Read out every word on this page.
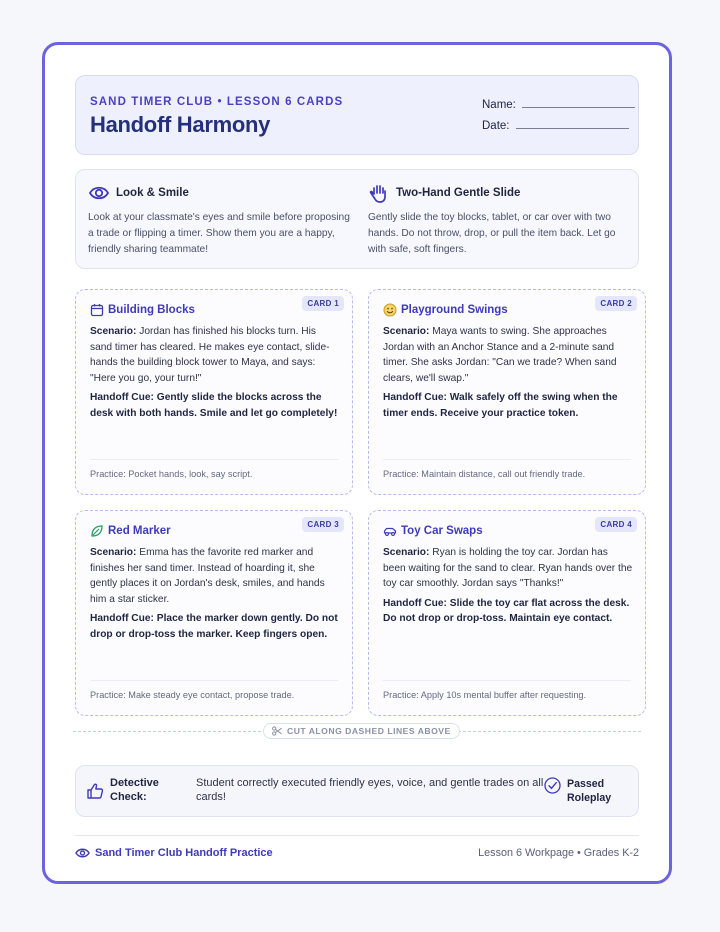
SAND TIMER CLUB • LESSON 6 CARDS
Handoff Harmony
Name:
Date:
Look & Smile
Look at your classmate's eyes and smile before proposing a trade or flipping a timer. Show them you are a happy, friendly sharing teammate!
Two-Hand Gentle Slide
Gently slide the toy blocks, tablet, or car over with two hands. Do not throw, drop, or pull the item back. Let go with safe, soft fingers.
CARD 1
Building Blocks
Scenario: Jordan has finished his blocks turn. His sand timer has cleared. He makes eye contact, slide-hands the building block tower to Maya, and says: "Here you go, your turn!"
Handoff Cue: Gently slide the blocks across the desk with both hands. Smile and let go completely!
Practice: Pocket hands, look, say script.
CARD 2
Playground Swings
Scenario: Maya wants to swing. She approaches Jordan with an Anchor Stance and a 2-minute sand timer. She asks Jordan: "Can we trade? When sand clears, we'll swap."
Handoff Cue: Walk safely off the swing when the timer ends. Receive your practice token.
Practice: Maintain distance, call out friendly trade.
CARD 3
Red Marker
Scenario: Emma has the favorite red marker and finishes her sand timer. Instead of hoarding it, she gently places it on Jordan's desk, smiles, and hands him a star sticker.
Handoff Cue: Place the marker down gently. Do not drop or drop-toss the marker. Keep fingers open.
Practice: Make steady eye contact, propose trade.
CARD 4
Toy Car Swaps
Scenario: Ryan is holding the toy car. Jordan has been waiting for the sand to clear. Ryan hands over the toy car smoothly. Jordan says "Thanks!"
Handoff Cue: Slide the toy car flat across the desk. Do not drop or drop-toss. Maintain eye contact.
Practice: Apply 10s mental buffer after requesting.
CUT ALONG DASHED LINES ABOVE
Detective Check:
Student correctly executed friendly eyes, voice, and gentle trades on all cards!
Passed Roleplay
Sand Timer Club Handoff Practice	Lesson 6 Workpage • Grades K-2
